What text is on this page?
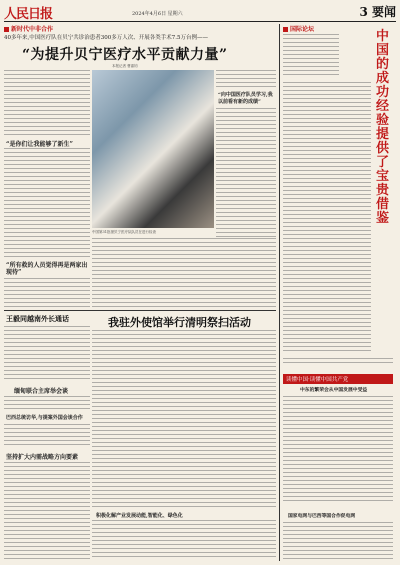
人民日报	2024年4月6日 星期六	3 要闻
新时代中非合作
40多年来,中国医疗队在贝宁共诊治患者300多万人次、开展各类手术7.5万台例——
“为提升贝宁医疗水平贡献力量”
本报记者 曹嘉钧
“是你们让我能够了新生”
“所有救的人员觉得再是两家出现待”
中国第31批援贝宁医疗队队员在进行检查
“向中国医疗队员学习,我以前看有新的成绩”
王毅同越南外长通话
缅甸联合主席举会谈
巴西总统访华,与提案外国会谈合作
坚持扩大内需战略方向要素
我驻外使馆举行清明祭扫活动
积极化解产业发展动能,智能化、绿色化
国际论坛	中国的成功经验提供了宝贵借鉴
读懂中国·读懂中国共产党
中东的繁荣会从中国发展中受益
国家电网与巴西等国合作促电网
